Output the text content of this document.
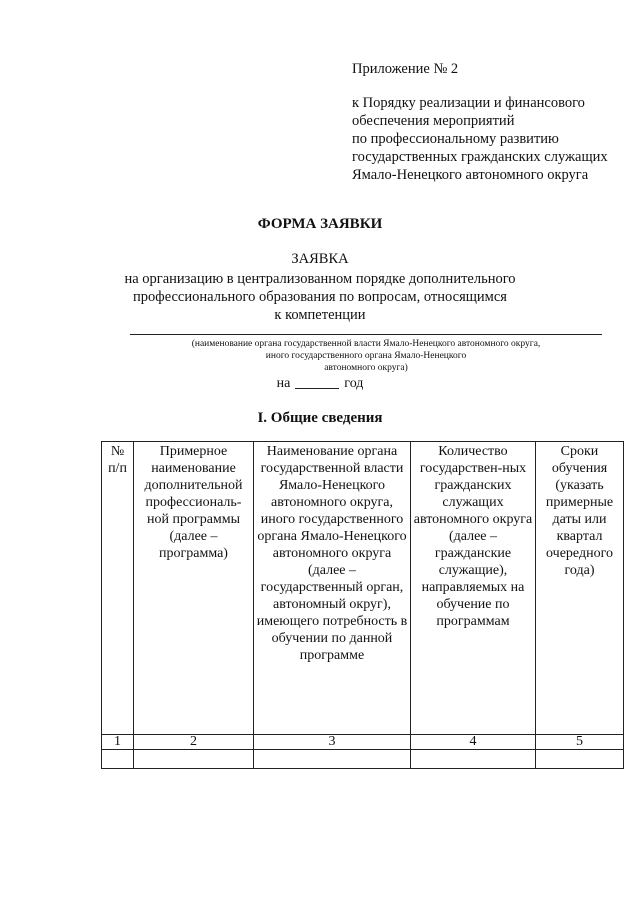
Приложение № 2
к Порядку реализации и финансового
обеспечения мероприятий
по профессиональному развитию
государственных гражданских служащих
Ямало-Ненецкого автономного округа
ФОРМА ЗАЯВКИ
ЗАЯВКА
на организацию в централизованном порядке дополнительного
профессионального образования по вопросам, относящимся
к компетенции
(наименование органа государственной власти Ямало-Ненецкого автономного округа,
иного государственного органа Ямало-Ненецкого
автономного округа)
на	год
I. Общие сведения
№ п/п	Примерное наименование дополнительной профессиональ-ной программы (далее – программа)	Наименование органа государственной власти Ямало-Ненецкого автономного округа, иного государственного органа Ямало-Ненецкого автономного округа (далее – государственный орган, автономный округ), имеющего потребность в обучении по данной программе	Количество государствен-ных гражданских служащих автономного округа (далее – гражданские служащие), направляемых на обучение по программам	Сроки обучения (указать примерные даты или квартал очередного года)
1	2	3	4	5
